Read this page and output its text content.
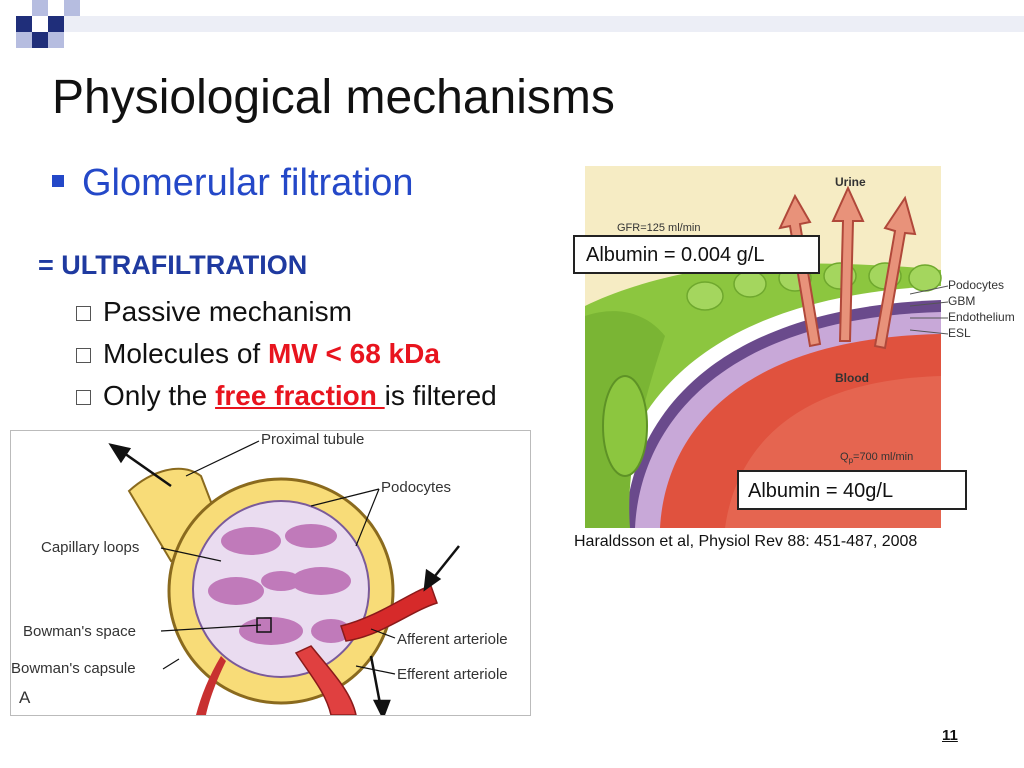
Physiological mechanisms
Glomerular filtration
= ULTRAFILTRATION
Passive mechanism
Molecules of MW < 68 kDa
Only the free fraction is filtered
Urine
GFR=125 ml/min
Blood
$Q_p=700$ ml/min
Podocytes
GBM
Endothelium
ESL
Albumin = 0.004 g/L
Albumin = 40g/L
Haraldsson et al, Physiol Rev 88: 451-487, 2008
Proximal tubule
Podocytes
Capillary loops
Bowman's space
Bowman's capsule
Afferent arteriole
Efferent arteriole
A
11
